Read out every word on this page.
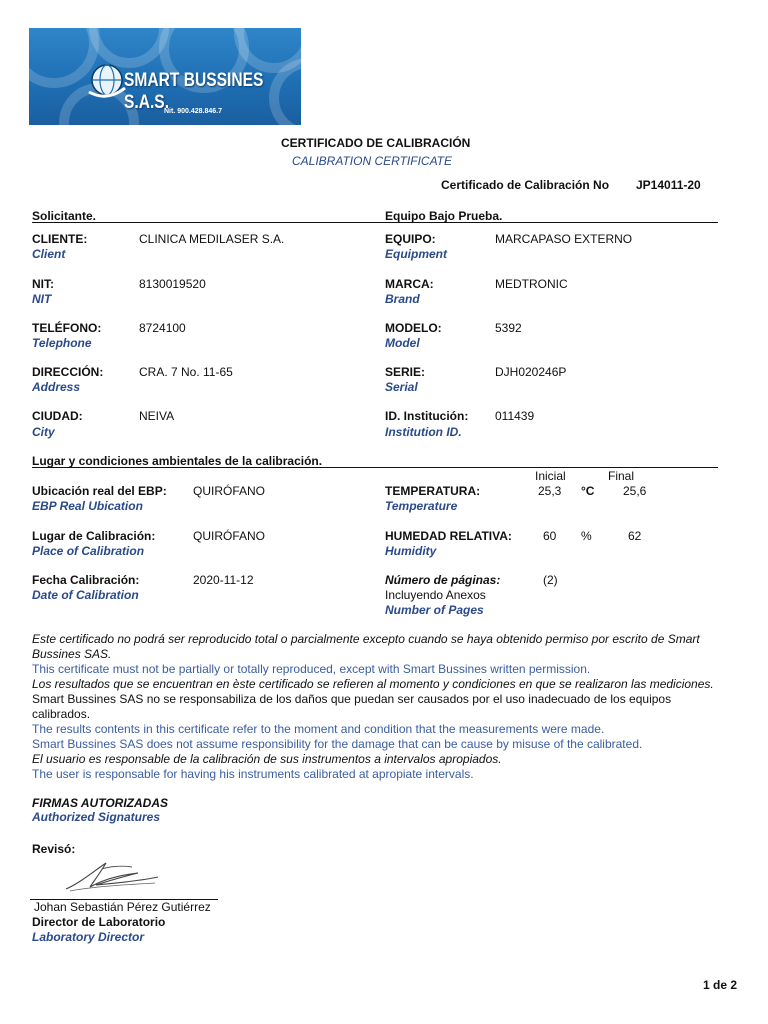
SMART BUSSINES S.A.S.
Nit. 900.428.846.7
CERTIFICADO DE CALIBRACIÓN
CALIBRATION CERTIFICATE
Certificado de Calibración No JP14011-20
Solicitante.	Equipo Bajo Prueba.
CLIENTE:
Client
CLINICA MEDILASER S.A.
NIT:
NIT
8130019520
TELÉFONO:
Telephone
8724100
DIRECCIÓN:
Address
CRA. 7 No. 11-65
CIUDAD:
City
NEIVA
EQUIPO:
Equipment
MARCAPASO EXTERNO
MARCA:
Brand
MEDTRONIC
MODELO:
Model
5392
SERIE:
Serial
DJH020246P
ID. Institución:
Institution ID.
011439
Lugar y condiciones ambientales de la calibración.
Inicial	Final
Ubicación real del EBP:
EBP Real Ubication
QUIRÓFANO
Lugar de Calibración:
Place of Calibration
QUIRÓFANO
Fecha Calibración:
Date of Calibration
2020-11-12
TEMPERATURA:
Temperature
25,3 °C 25,6
HUMEDAD RELATIVA:
Humidity
60 %	62
Número de páginas:
Incluyendo Anexos
Number of Pages
(2)
Este certificado no podrá ser reproducido total o parcialmente excepto cuando se haya obtenido permiso por escrito de Smart Bussines SAS.
This certificate must not be partially or totally reproduced, except with Smart Bussines written permission.
Los resultados que se encuentran en èste certificado se refieren al momento y condiciones en que se realizaron las mediciones.
Smart Bussines SAS no se responsabiliza de los daños que puedan ser causados por el uso inadecuado de los equipos calibrados.
The results contents in this certificate refer to the moment and condition that the measurements were made.
Smart Bussines SAS does not assume responsibility for the damage that can be cause by misuse of the calibrated.
El usuario es responsable de la calibración de sus instrumentos a intervalos apropiados.
The user is responsable for having his instruments calibrated at apropiate intervals.
FIRMAS AUTORIZADAS
Authorized Signatures
Revisó:
Johan Sebastián Pérez Gutiérrez
Director de Laboratorio
Laboratory Director
1 de 2
